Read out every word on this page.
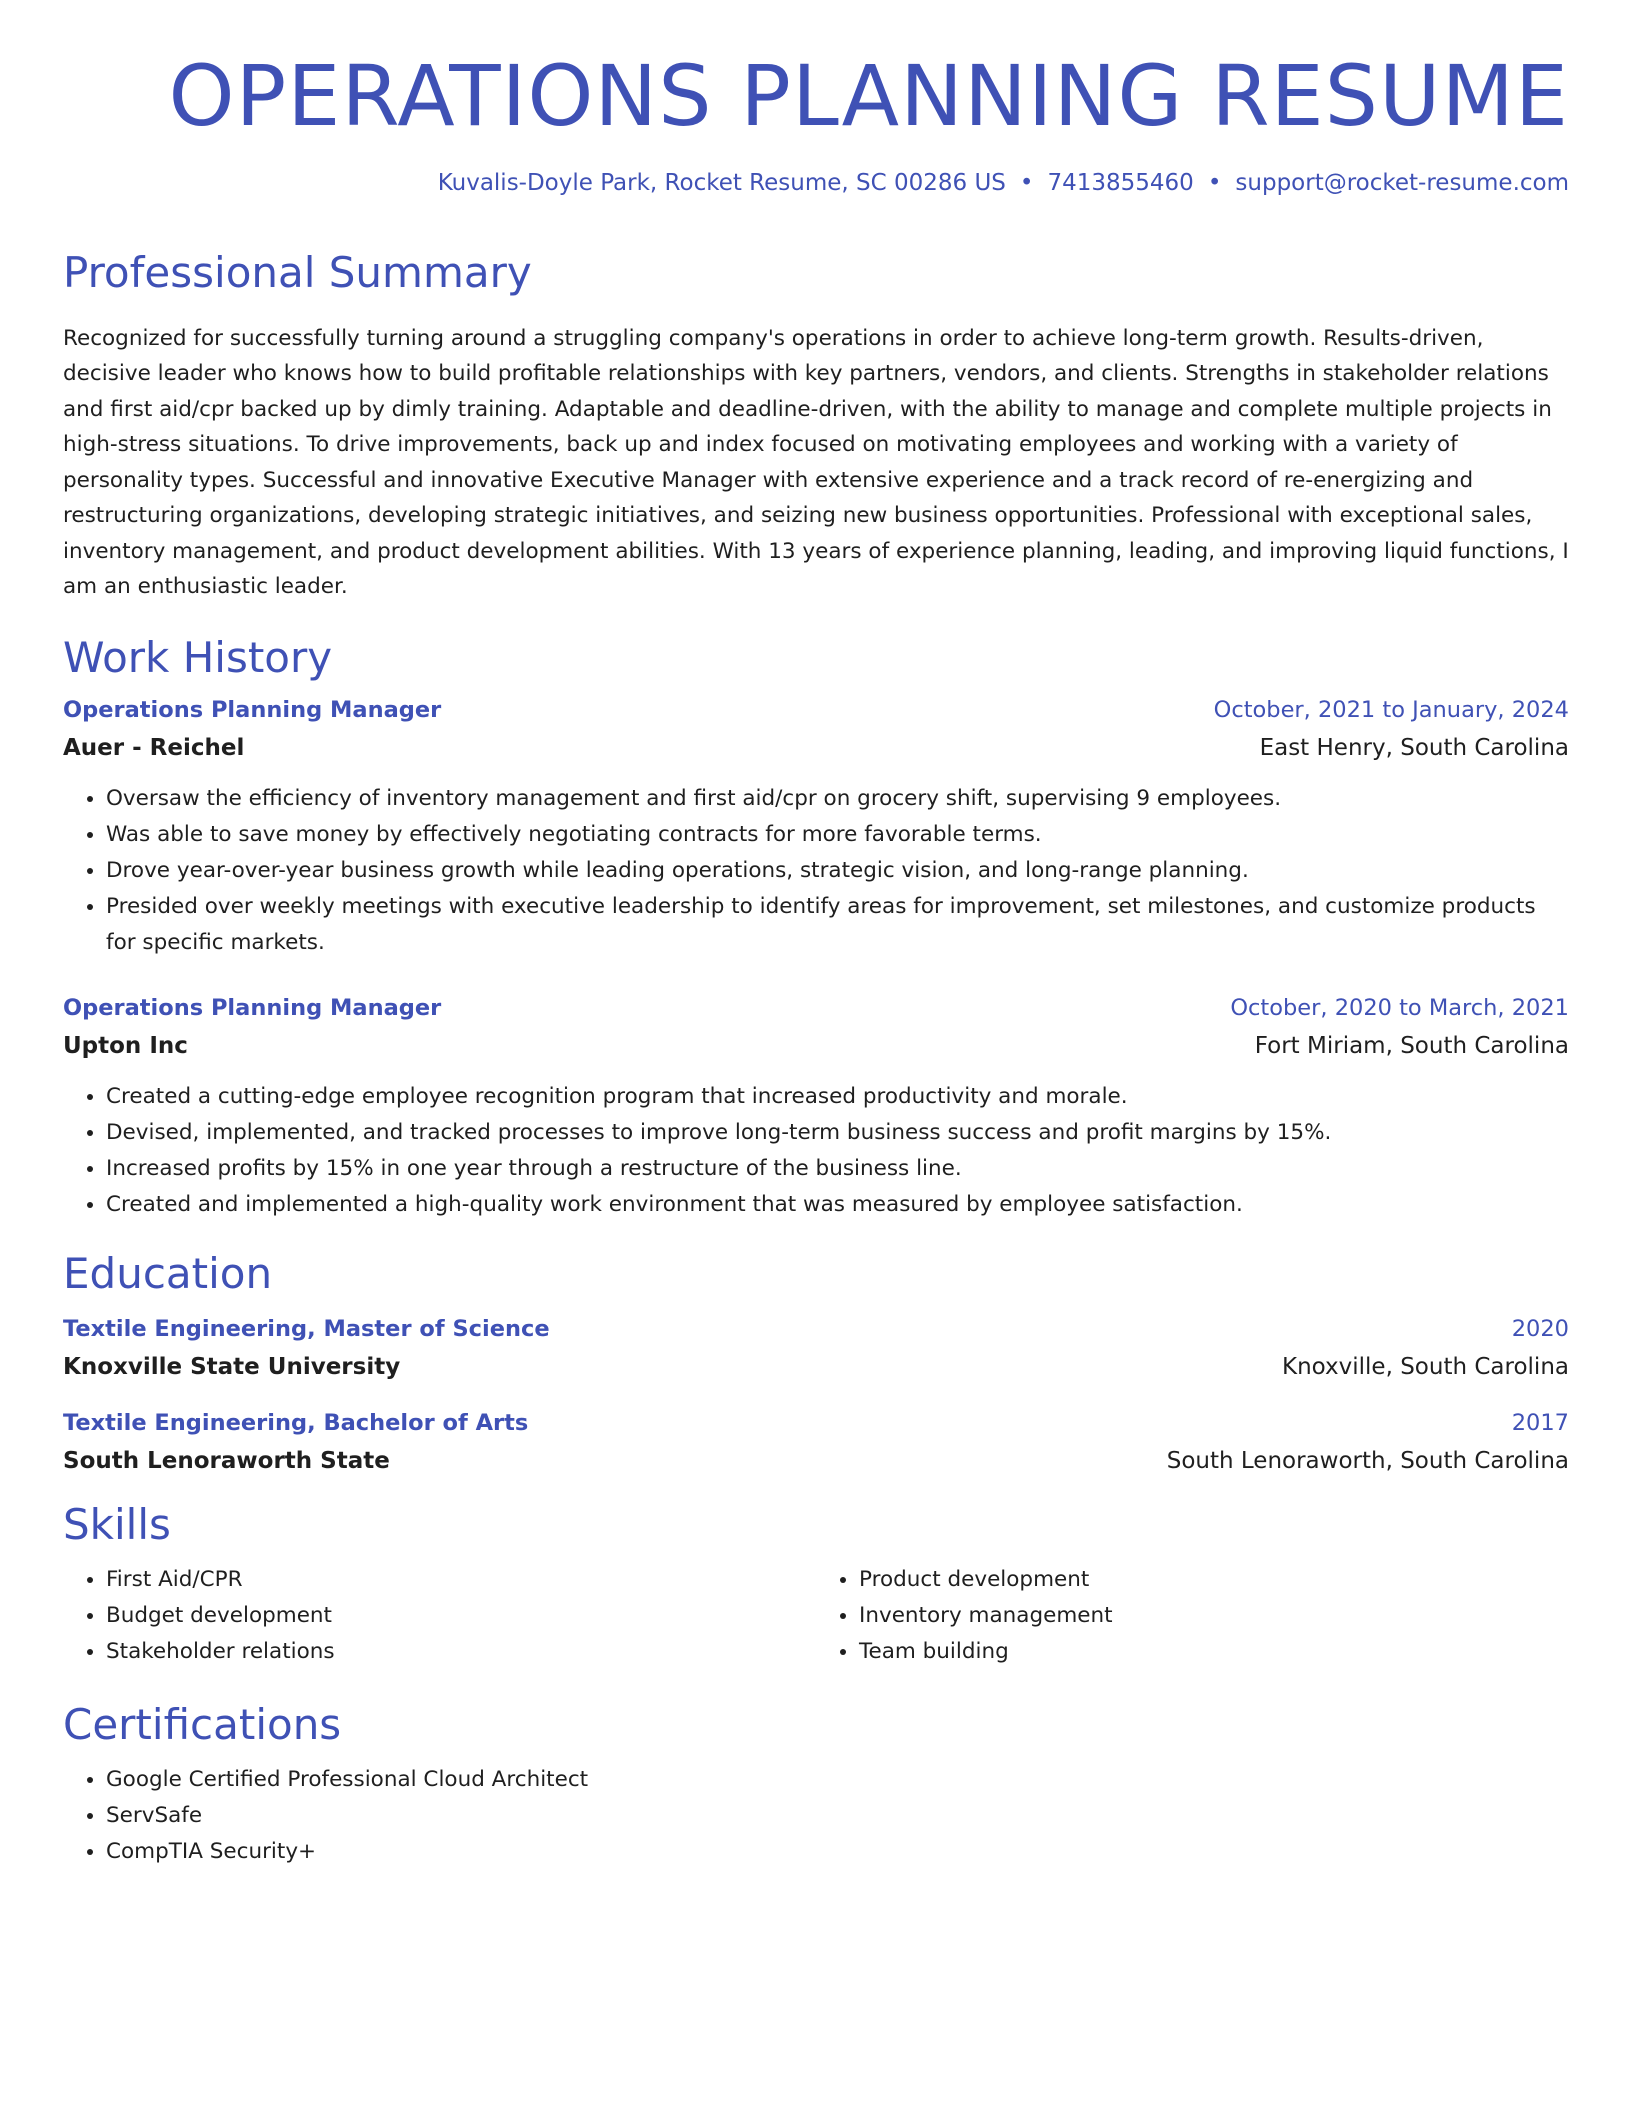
OPERATIONS PLANNING RESUME
Kuvalis-Doyle Park, Rocket Resume, SC 00286 US • 7413855460 • support@rocket-resume.com
Professional Summary
Recognized for successfully turning around a struggling company's operations in order to achieve long-term growth. Results-driven, decisive leader who knows how to build profitable relationships with key partners, vendors, and clients. Strengths in stakeholder relations and first aid/cpr backed up by dimly training. Adaptable and deadline-driven, with the ability to manage and complete multiple projects in high-stress situations. To drive improvements, back up and index focused on motivating employees and working with a variety of personality types. Successful and innovative Executive Manager with extensive experience and a track record of re-energizing and restructuring organizations, developing strategic initiatives, and seizing new business opportunities. Professional with exceptional sales, inventory management, and product development abilities. With 13 years of experience planning, leading, and improving liquid functions, I am an enthusiastic leader.
Work History
Operations Planning Manager	October, 2021 to January, 2024
Auer - Reichel	East Henry, South Carolina
• Oversaw the efficiency of inventory management and first aid/cpr on grocery shift, supervising 9 employees.
• Was able to save money by effectively negotiating contracts for more favorable terms.
• Drove year-over-year business growth while leading operations, strategic vision, and long-range planning.
• Presided over weekly meetings with executive leadership to identify areas for improvement, set milestones, and customize products for specific markets.
Operations Planning Manager	October, 2020 to March, 2021
Upton Inc	Fort Miriam, South Carolina
• Created a cutting-edge employee recognition program that increased productivity and morale.
• Devised, implemented, and tracked processes to improve long-term business success and profit margins by 15%.
• Increased profits by 15% in one year through a restructure of the business line.
• Created and implemented a high-quality work environment that was measured by employee satisfaction.
Education
Textile Engineering, Master of Science	2020
Knoxville State University	Knoxville, South Carolina
Textile Engineering, Bachelor of Arts	2017
South Lenoraworth State	South Lenoraworth, South Carolina
Skills
• First Aid/CPR
• Budget development
• Stakeholder relations
• Product development
• Inventory management
• Team building
Certifications
• Google Certified Professional Cloud Architect
• ServSafe
• CompTIA Security+
